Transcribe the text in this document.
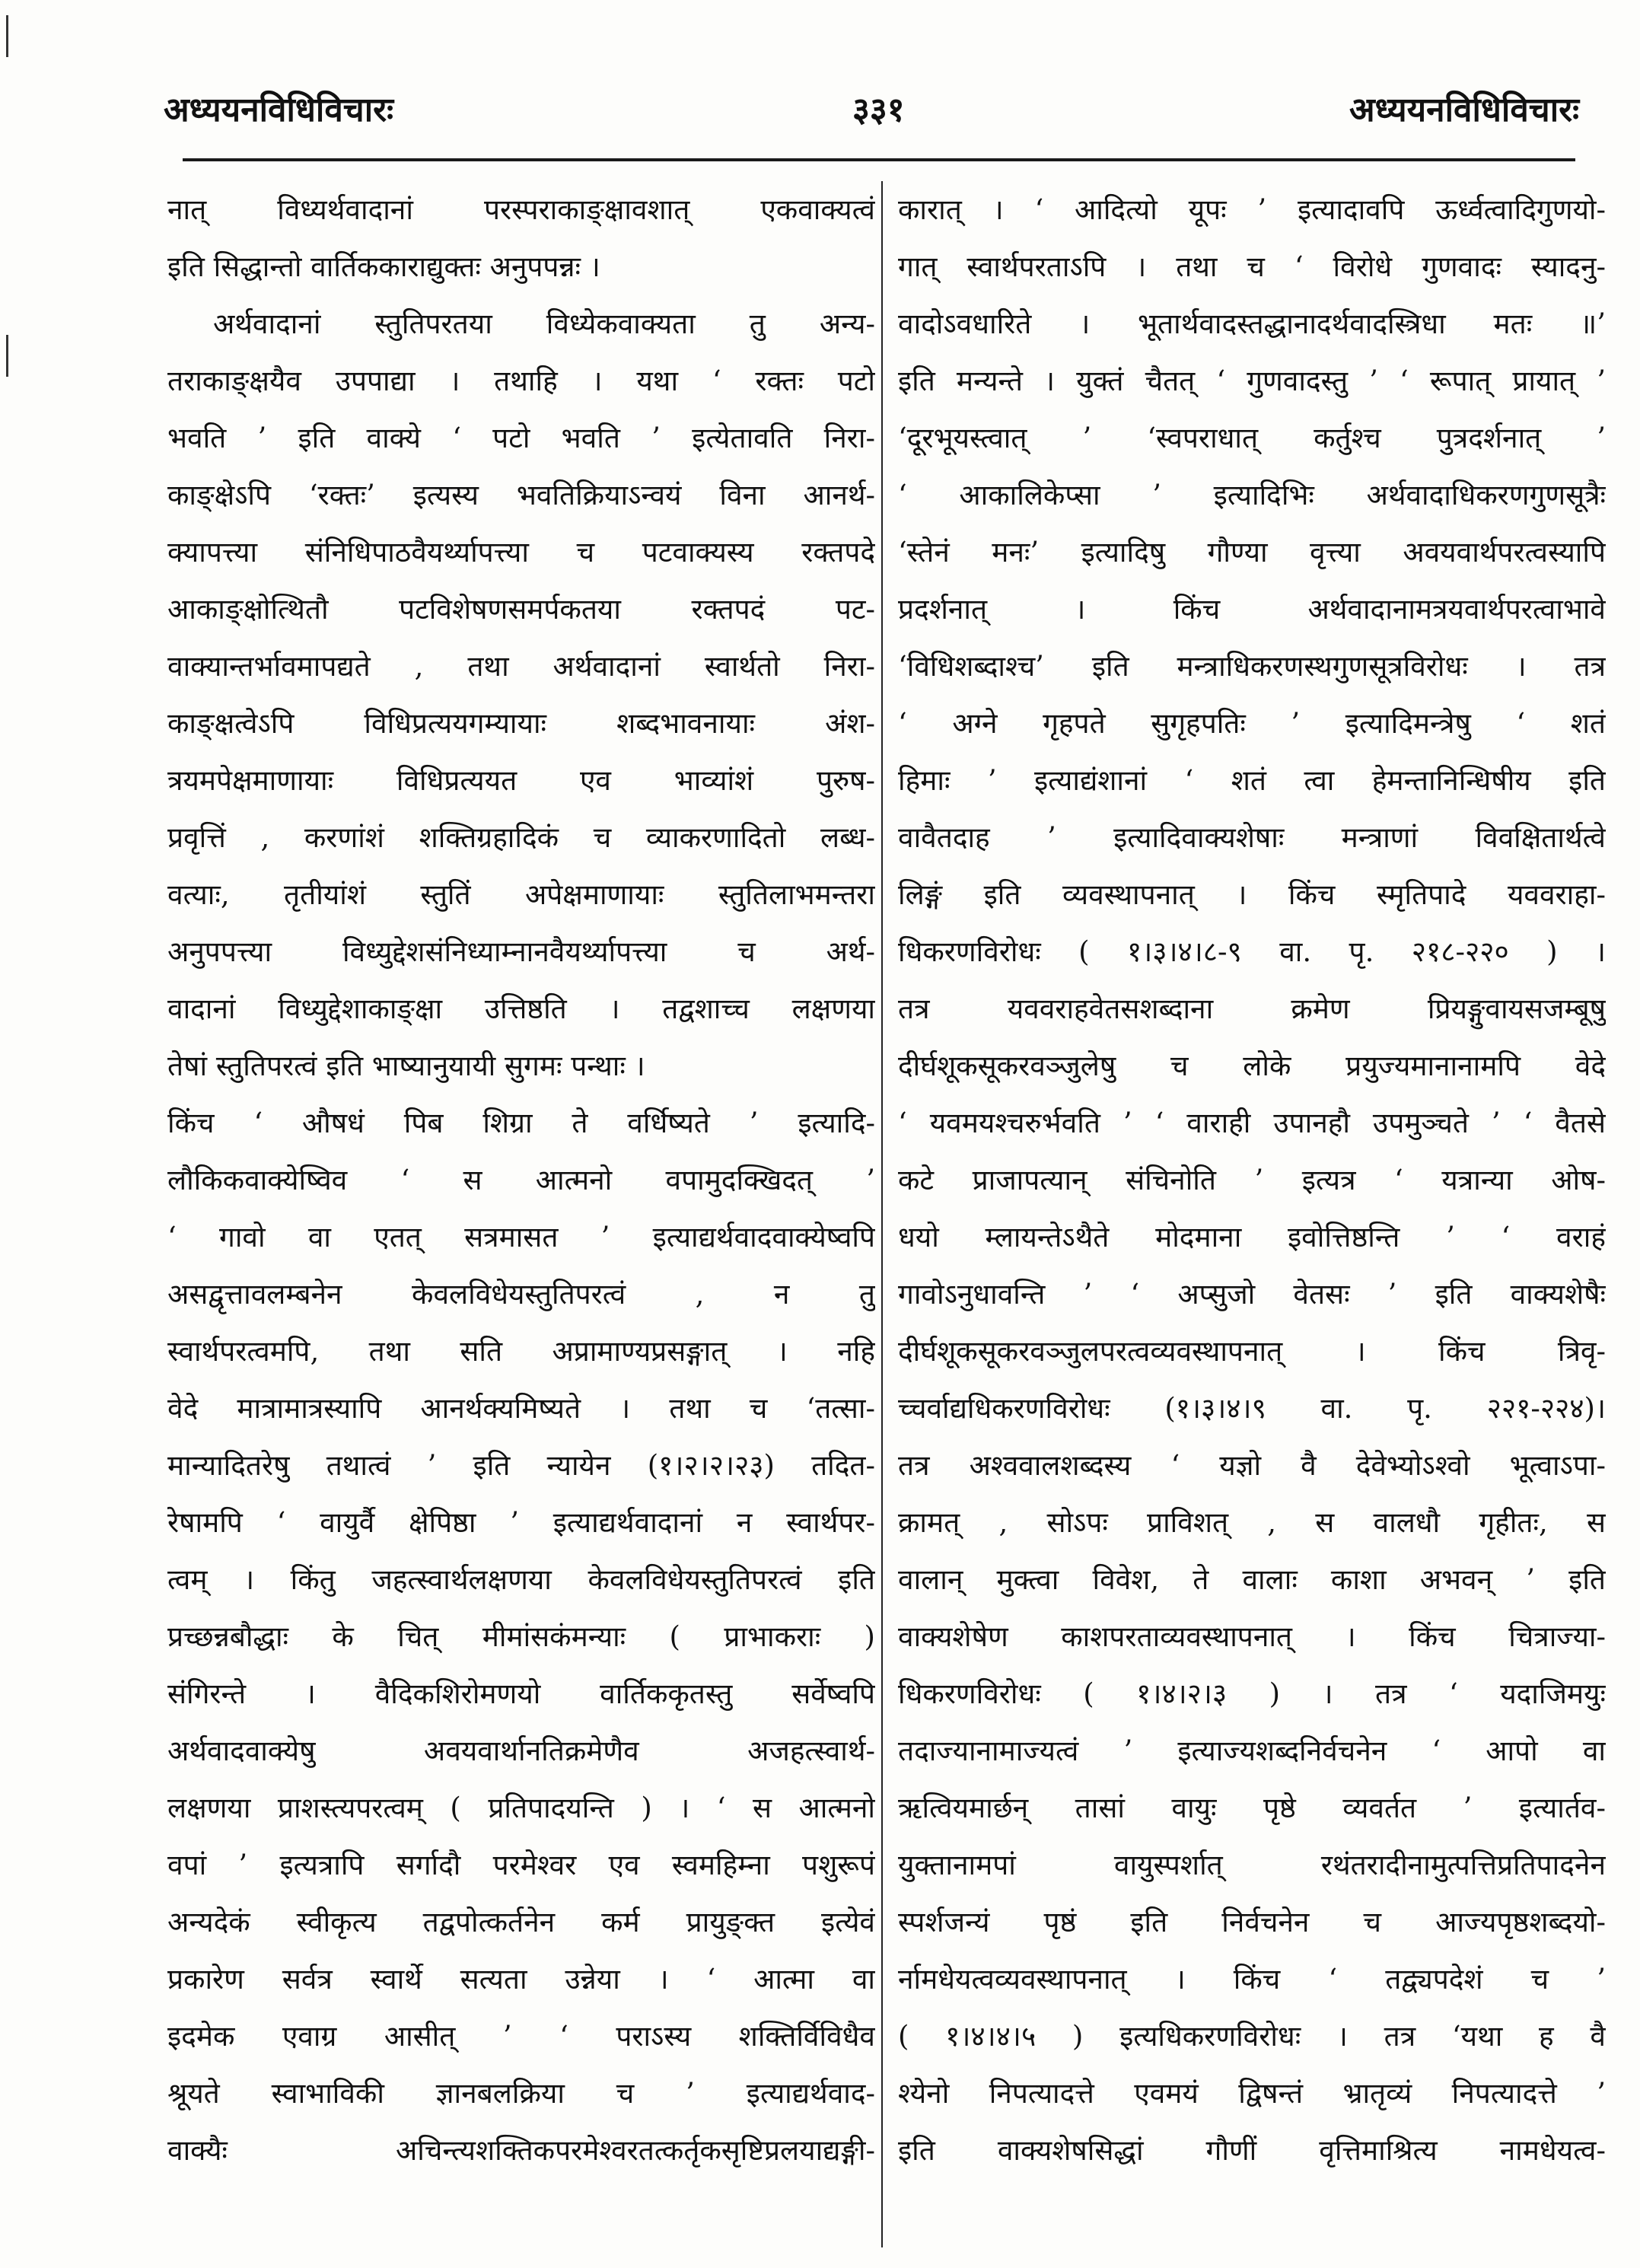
अध्ययनविधिविचारः	३३१	अध्ययनविधिविचारः
नात् विध्यर्थवादानां परस्पराकाङ्क्षावशात् एकवाक्यत्वं
इति सिद्धान्तो वार्तिककाराद्युक्तः अनुपपन्नः ।
अर्थवादानां स्तुतिपरतया विध्येकवाक्यता तु अन्य-
तराकाङ्क्षयैव उपपाद्या । तथाहि । यथा ‘ रक्तः पटो
भवति ’ इति वाक्ये ‘ पटो भवति ’ इत्येतावति निरा-
काङ्क्षेऽपि ‘रक्तः’ इत्यस्य भवतिक्रियाऽन्वयं विना आनर्थ-
क्यापत्त्या संनिधिपाठवैयर्थ्यापत्त्या च पटवाक्यस्य रक्तपदे
आकाङ्क्षोत्थितौ पटविशेषणसमर्पकतया रक्तपदं पट-
वाक्यान्तर्भावमापद्यते , तथा अर्थवादानां स्वार्थतो निरा-
काङ्क्षत्वेऽपि विधिप्रत्ययगम्यायाः शब्दभावनायाः अंश-
त्रयमपेक्षमाणायाः विधिप्रत्ययत एव भाव्यांशं पुरुष-
प्रवृत्तिं , करणांशं शक्तिग्रहादिकं च व्याकरणादितो लब्ध-
वत्याः, तृतीयांशं स्तुतिं अपेक्षमाणायाः स्तुतिलाभमन्तरा
अनुपपत्त्या विध्युद्देशसंनिध्याम्नानवैयर्थ्यापत्त्या च अर्थ-
वादानां विध्युद्देशाकाङ्क्षा उत्तिष्ठति । तद्वशाच्च लक्षणया
तेषां स्तुतिपरत्वं इति भाष्यानुयायी सुगमः पन्थाः ।
किंच ‘ औषधं पिब शिग्रा ते वर्धिष्यते ’ इत्यादि-
लौकिकवाक्येष्विव ‘ स आत्मनो वपामुदक्खिदत् ’
‘ गावो वा एतत् सत्रमासत ’ इत्याद्यर्थवादवाक्येष्वपि
असद्वृत्तावलम्बनेन केवलविधेयस्तुतिपरत्वं , न तु
स्वार्थपरत्वमपि, तथा सति अप्रामाण्यप्रसङ्गात् । नहि
वेदे मात्रामात्रस्यापि आनर्थक्यमिष्यते । तथा च ‘तत्सा-
मान्यादितरेषु तथात्वं ’ इति न्यायेन (१।२।२।२३) तदित-
रेषामपि ‘ वायुर्वै क्षेपिष्ठा ’ इत्याद्यर्थवादानां न स्वार्थपर-
त्वम् । किंतु जहत्स्वार्थलक्षणया केवलविधेयस्तुतिपरत्वं इति
प्रच्छन्नबौद्धाः के चित् मीमांसकंमन्याः ( प्राभाकराः )
संगिरन्ते । वैदिकशिरोमणयो वार्तिककृतस्तु सर्वेष्वपि
अर्थवादवाक्येषु अवयवार्थानतिक्रमेणैव अजहत्स्वार्थ-
लक्षणया प्राशस्त्यपरत्वम् ( प्रतिपादयन्ति ) । ‘ स आत्मनो
वपां ’ इत्यत्रापि सर्गादौ परमेश्वर एव स्वमहिम्ना पशुरूपं
अन्यदेकं स्वीकृत्य तद्वपोत्कर्तनेन कर्म प्रायुङ्क्त इत्येवं
प्रकारेण सर्वत्र स्वार्थे सत्यता उन्नेया । ‘ आत्मा वा
इदमेक एवाग्र आसीत् ’ ‘ पराऽस्य शक्तिर्विविधैव
श्रूयते स्वाभाविकी ज्ञानबलक्रिया च ’ इत्याद्यर्थवाद-
वाक्यैः अचिन्त्यशक्तिकपरमेश्वरतत्कर्तृकसृष्टिप्रलयाद्यङ्गी-
कारात् । ‘ आदित्यो यूपः ’ इत्यादावपि ऊर्ध्वत्वादिगुणयो-
गात् स्वार्थपरताऽपि । तथा च ‘ विरोधे गुणवादः स्यादनु-
वादोऽवधारिते । भूतार्थवादस्तद्धानादर्थवादस्त्रिधा मतः ॥’
इति मन्यन्ते । युक्तं चैतत् ‘ गुणवादस्तु ’ ‘ रूपात् प्रायात् ’
‘दूरभूयस्त्वात् ’ ‘स्वपराधात् कर्तुश्च पुत्रदर्शनात् ’
‘ आकालिकेप्सा ’ इत्यादिभिः अर्थवादाधिकरणगुणसूत्रैः
‘स्तेनं मनः’ इत्यादिषु गौण्या वृत्त्या अवयवार्थपरत्वस्यापि
प्रदर्शनात् । किंच अर्थवादानामत्रयवार्थपरत्वाभावे
‘विधिशब्दाश्च’ इति मन्त्राधिकरणस्थगुणसूत्रविरोधः । तत्र
‘ अग्ने गृहपते सुगृहपतिः ’ इत्यादिमन्त्रेषु ‘ शतं
हिमाः ’ इत्याद्यंशानां ‘ शतं त्वा हेमन्तानिन्धिषीय इति
वावैतदाह ’ इत्यादिवाक्यशेषाः मन्त्राणां विवक्षितार्थत्वे
लिङ्गं इति व्यवस्थापनात् । किंच स्मृतिपादे यववराहा-
धिकरणविरोधः ( १।३।४।८-९ वा. पृ. २१८-२२० ) ।
तत्र यववराहवेतसशब्दाना क्रमेण प्रियङ्गुवायसजम्बूषु
दीर्घशूकसूकरवञ्जुलेषु च लोके प्रयुज्यमानानामपि वेदे
‘ यवमयश्चरुर्भवति ’ ‘ वाराही उपानहौ उपमुञ्चते ’ ‘ वैतसे
कटे प्राजापत्यान् संचिनोति ’ इत्यत्र ‘ यत्रान्या ओष-
धयो म्लायन्तेऽथैते मोदमाना इवोत्तिष्ठन्ति ’ ‘ वराहं
गावोऽनुधावन्ति ’ ‘ अप्सुजो वेतसः ’ इति वाक्यशेषैः
दीर्घशूकसूकरवञ्जुलपरत्वव्यवस्थापनात् । किंच त्रिवृ-
च्चर्वाद्यधिकरणविरोधः (१।३।४।९ वा. पृ. २२१-२२४)।
तत्र अश्ववालशब्दस्य ‘ यज्ञो वै देवेभ्योऽश्वो भूत्वाऽपा-
क्रामत् , सोऽपः प्राविशत् , स वालधौ गृहीतः, स
वालान् मुक्त्वा विवेश, ते वालाः काशा अभवन् ’ इति
वाक्यशेषेण काशपरताव्यवस्थापनात् । किंच चित्राज्या-
धिकरणविरोधः ( १।४।२।३ ) । तत्र ‘ यदाजिमयुः
तदाज्यानामाज्यत्वं ’ इत्याज्यशब्दनिर्वचनेन ‘ आपो वा
ऋत्वियमार्छन् तासां वायुः पृष्ठे व्यवर्तत ’ इत्यार्तव-
युक्तानामपां वायुस्पर्शात् रथंतरादीनामुत्पत्तिप्रतिपादनेन
स्पर्शजन्यं पृष्ठं इति निर्वचनेन च आज्यपृष्ठशब्दयो-
र्नामधेयत्वव्यवस्थापनात् । किंच ‘ तद्व्यपदेशं च ’
( १।४।४।५ ) इत्यधिकरणविरोधः । तत्र ‘यथा ह वै
श्येनो निपत्यादत्ते एवमयं द्विषन्तं भ्रातृव्यं निपत्यादत्ते ’
इति वाक्यशेषसिद्धां गौणीं वृत्तिमाश्रित्य नामधेयत्व-
